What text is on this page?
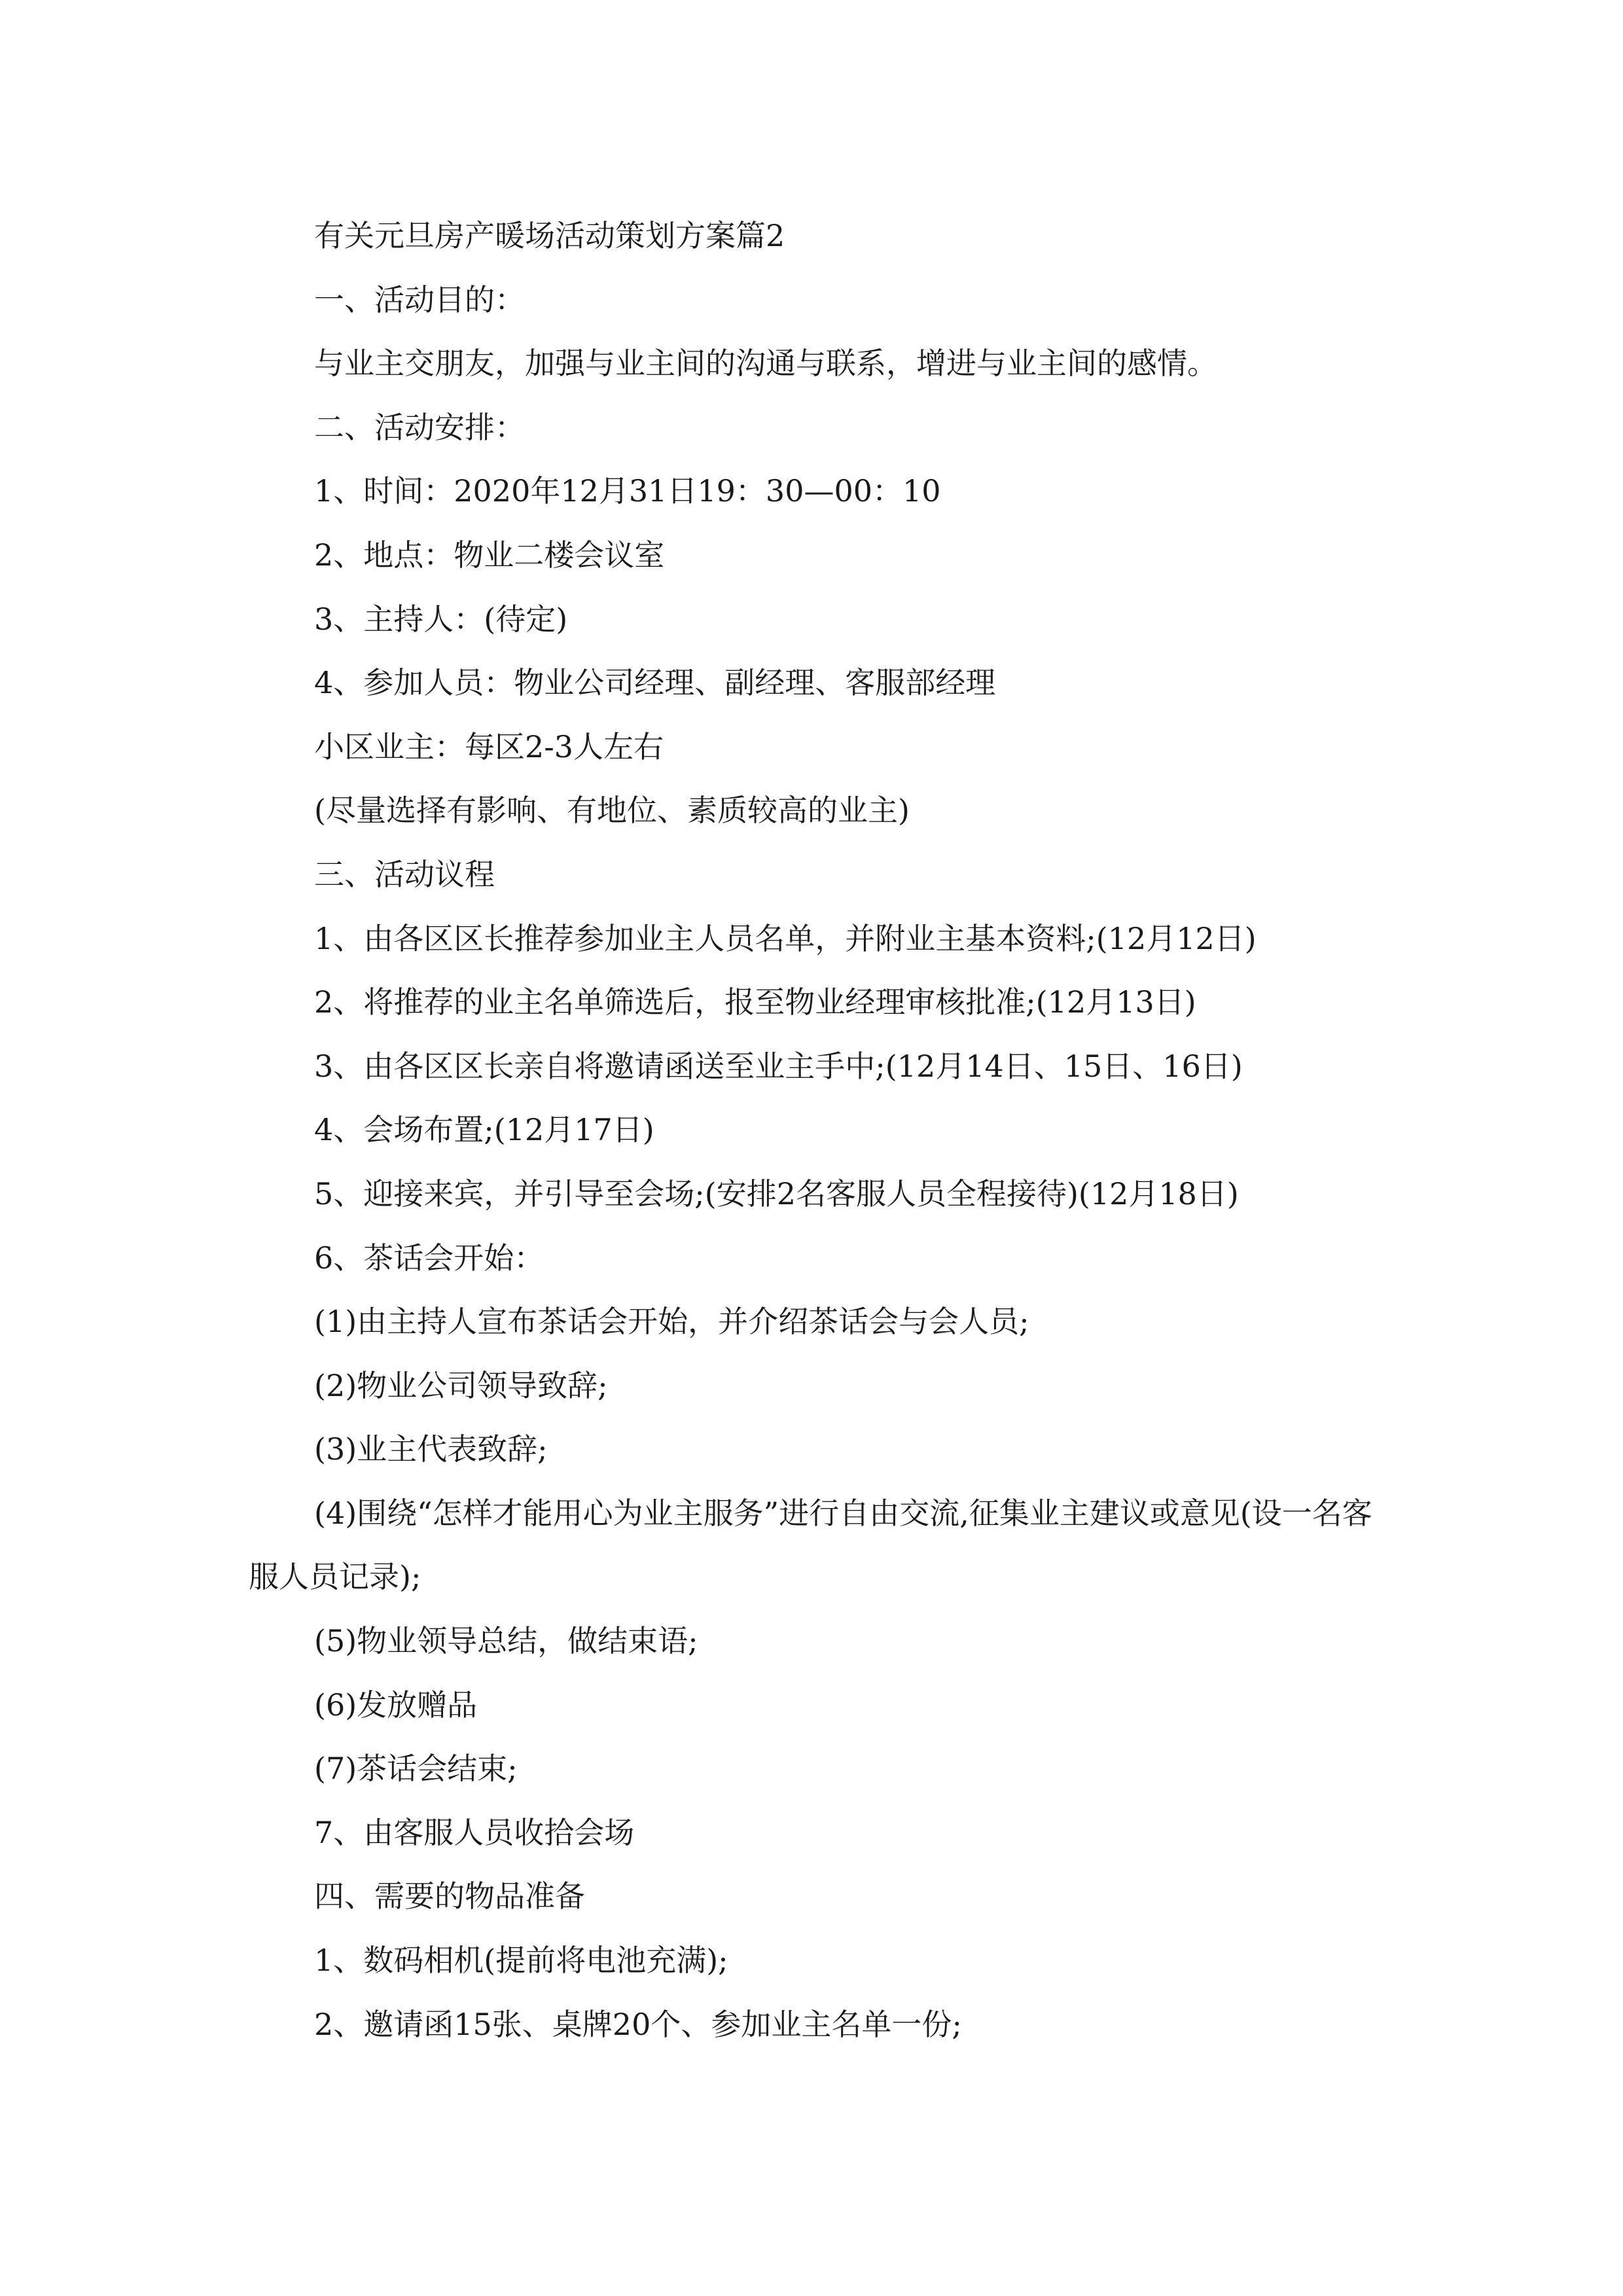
有关元旦房产暖场活动策划方案篇2
一、活动目的：
与业主交朋友，加强与业主间的沟通与联系，增进与业主间的感情。
二、活动安排：
1、时间：2020年12月31日19：30—00：10
2、地点：物业二楼会议室
3、主持人：(待定)
4、参加人员：物业公司经理、副经理、客服部经理
小区业主：每区2-3人左右
(尽量选择有影响、有地位、素质较高的业主)
三、活动议程
1、由各区区长推荐参加业主人员名单，并附业主基本资料;(12月12日)
2、将推荐的业主名单筛选后，报至物业经理审核批准;(12月13日)
3、由各区区长亲自将邀请函送至业主手中;(12月14日、15日、16日)
4、会场布置;(12月17日)
5、迎接来宾，并引导至会场;(安排2名客服人员全程接待)(12月18日)
6、茶话会开始：
(1)由主持人宣布茶话会开始，并介绍茶话会与会人员;
(2)物业公司领导致辞;
(3)业主代表致辞;
(4)围绕“怎样才能用心为业主服务”进行自由交流,征集业主建议或意见(设一名客服人员记录);
(5)物业领导总结，做结束语;
(6)发放赠品
(7)茶话会结束;
7、由客服人员收拾会场
四、需要的物品准备
1、数码相机(提前将电池充满);
2、邀请函15张、桌牌20个、参加业主名单一份;
